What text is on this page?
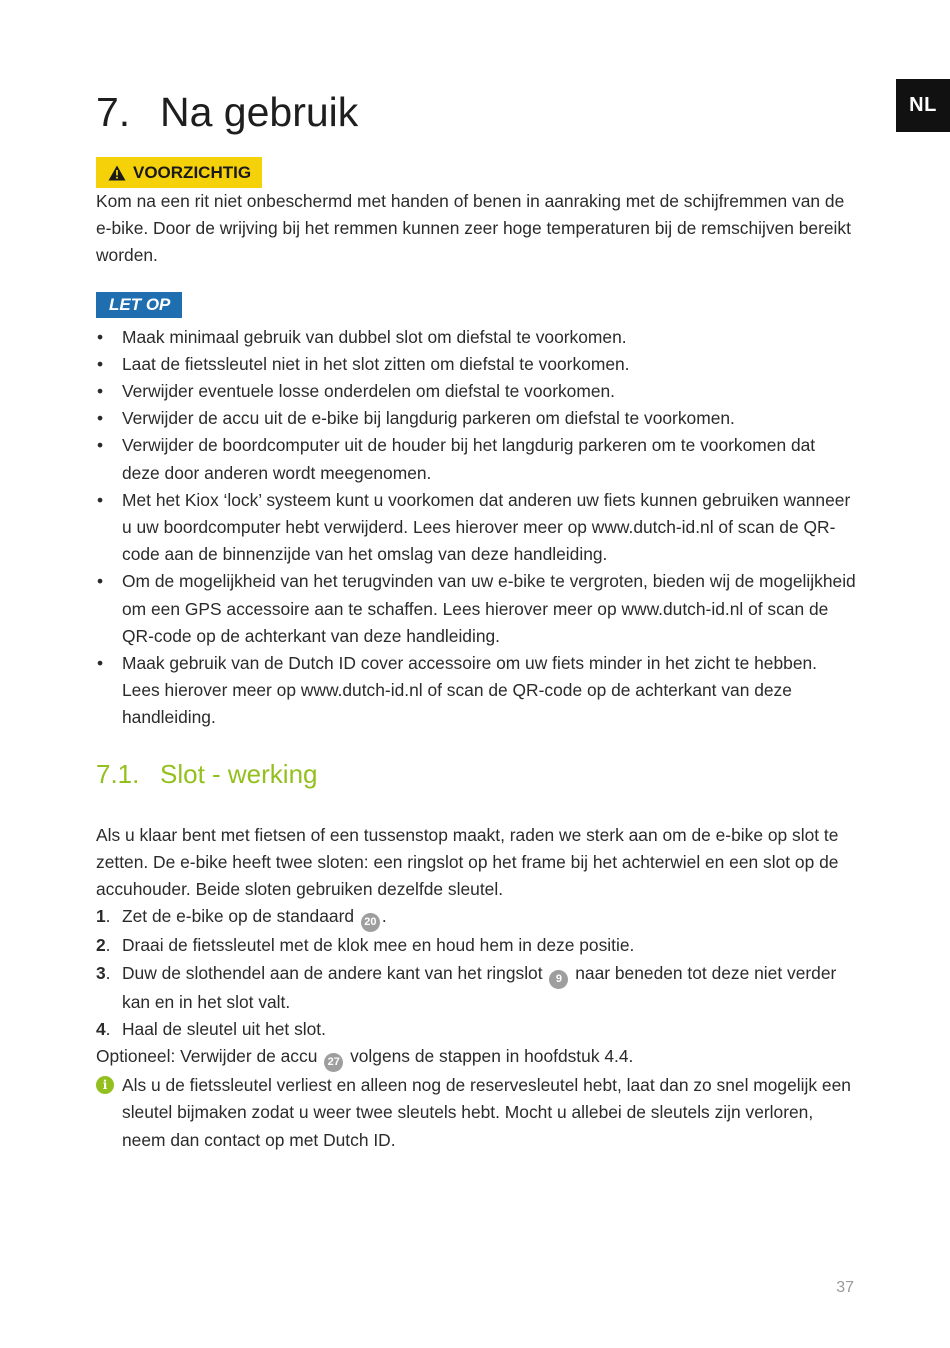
NL
7. Na gebruik
VOORZICHTIG

Kom na een rit niet onbeschermd met handen of benen in aanraking met de schijfremmen van de e-bike. Door de wrijving bij het remmen kunnen zeer hoge temperaturen bij de remschijven bereikt worden.

LET OP
• Maak minimaal gebruik van dubbel slot om diefstal te voorkomen.
• Laat de fietssleutel niet in het slot zitten om diefstal te voorkomen.
• Verwijder eventuele losse onderdelen om diefstal te voorkomen.
• Verwijder de accu uit de e-bike bij langdurig parkeren om diefstal te voorkomen.
• Verwijder de boordcomputer uit de houder bij het langdurig parkeren om te voorkomen dat deze door anderen wordt meegenomen.
• Met het Kiox ‘lock’ systeem kunt u voorkomen dat anderen uw fiets kunnen gebruiken wanneer u uw boordcomputer hebt verwijderd. Lees hierover meer op www.dutch-id.nl of scan de QR-code aan de binnenzijde van het omslag van deze handleiding.
• Om de mogelijkheid van het terugvinden van uw e-bike te vergroten, bieden wij de mogelijkheid om een GPS accessoire aan te schaffen. Lees hierover meer op www.dutch-id.nl of scan de QR-code op de achterkant van deze handleiding.
• Maak gebruik van de Dutch ID cover accessoire om uw fiets minder in het zicht te hebben. Lees hierover meer op www.dutch-id.nl of scan de QR-code op de achterkant van deze handleiding.
7.1. Slot - werking

Als u klaar bent met fietsen of een tussenstop maakt, raden we sterk aan om de e-bike op slot te zetten. De e-bike heeft twee sloten: een ringslot op het frame bij het achterwiel en een slot op de accuhouder. Beide sloten gebruiken dezelfde sleutel.

1. Zet de e-bike op de standaard 20 .
2. Draai de fietssleutel met de klok mee en houd hem in deze positie.
3. Duw de slothendel aan de andere kant van het ringslot 9 naar beneden tot deze niet verder kan en in het slot valt.
4. Haal de sleutel uit het slot.

Optioneel: Verwijder de accu 27 volgens de stappen in hoofdstuk 4.4.

i Als u de fietssleutel verliest en alleen nog de reservesleutel hebt, laat dan zo snel mogelijk een sleutel bijmaken zodat u weer twee sleutels hebt. Mocht u allebei de sleutels zijn verloren, neem dan contact op met Dutch ID.
37
